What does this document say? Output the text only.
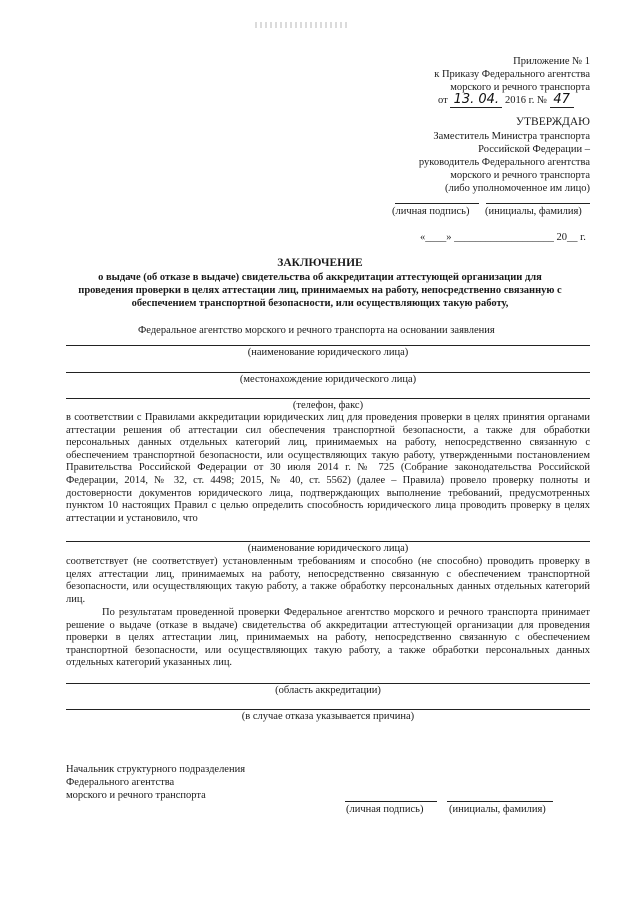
Приложение № 1
к Приказу Федерального агентства
морского и речного транспорта
от 13. 04. 2016 г. № 47
УТВЕРЖДАЮ
Заместитель Министра транспорта
Российской Федерации –
руководитель Федерального агентства
морского и речного транспорта
(либо уполномоченное им лицо)
(личная подпись) (инициалы, фамилия)
«____» ___________________ 20__ г.
ЗАКЛЮЧЕНИЕ
о выдаче (об отказе в выдаче) свидетельства об аккредитации аттестующей организации для
проведения проверки в целях аттестации лиц, принимаемых на работу, непосредственно связанную с
обеспечением транспортной безопасности, или осуществляющих такую работу,
Федеральное агентство морского и речного транспорта на основании заявления
(наименование юридического лица)
(местонахождение юридического лица)
(телефон, факс)
в соответствии с Правилами аккредитации юридических лиц для проведения проверки в целях принятия органами аттестации решения об аттестации сил обеспечения транспортной безопасности, а также для обработки персональных данных отдельных категорий лиц, принимаемых на работу, непосредственно связанную с обеспечением транспортной безопасности, или осуществляющих такую работу, утвержденными постановлением Правительства Российской Федерации от 30 июля 2014 г. № 725 (Собрание законодательства Российской Федерации, 2014, № 32, ст. 4498; 2015, № 40, ст. 5562) (далее – Правила) провело проверку полноты и достоверности документов юридического лица, подтверждающих выполнение требований, предусмотренных пунктом 10 настоящих Правил с целью определить способность юридического лица проводить проверку в целях аттестации и установило, что
(наименование юридического лица)
соответствует (не соответствует) установленным требованиям и способно (не способно) проводить проверку в целях аттестации лиц, принимаемых на работу, непосредственно связанную с обеспечением транспортной безопасности, или осуществляющих такую работу, а также обработку персональных данных отдельных категорий лиц.
По результатам проведенной проверки Федеральное агентство морского и речного транспорта принимает решение о выдаче (отказе в выдаче) свидетельства об аккредитации аттестующей организации для проведения проверки в целях аттестации лиц, принимаемых на работу, непосредственно связанную с обеспечением транспортной безопасности, или осуществляющих такую работу, а также обработки персональных данных отдельных категорий указанных лиц.
(область аккредитации)
(в случае отказа указывается причина)
Начальник структурного подразделения
Федерального агентства
морского и речного транспорта
(личная подпись) (инициалы, фамилия)
